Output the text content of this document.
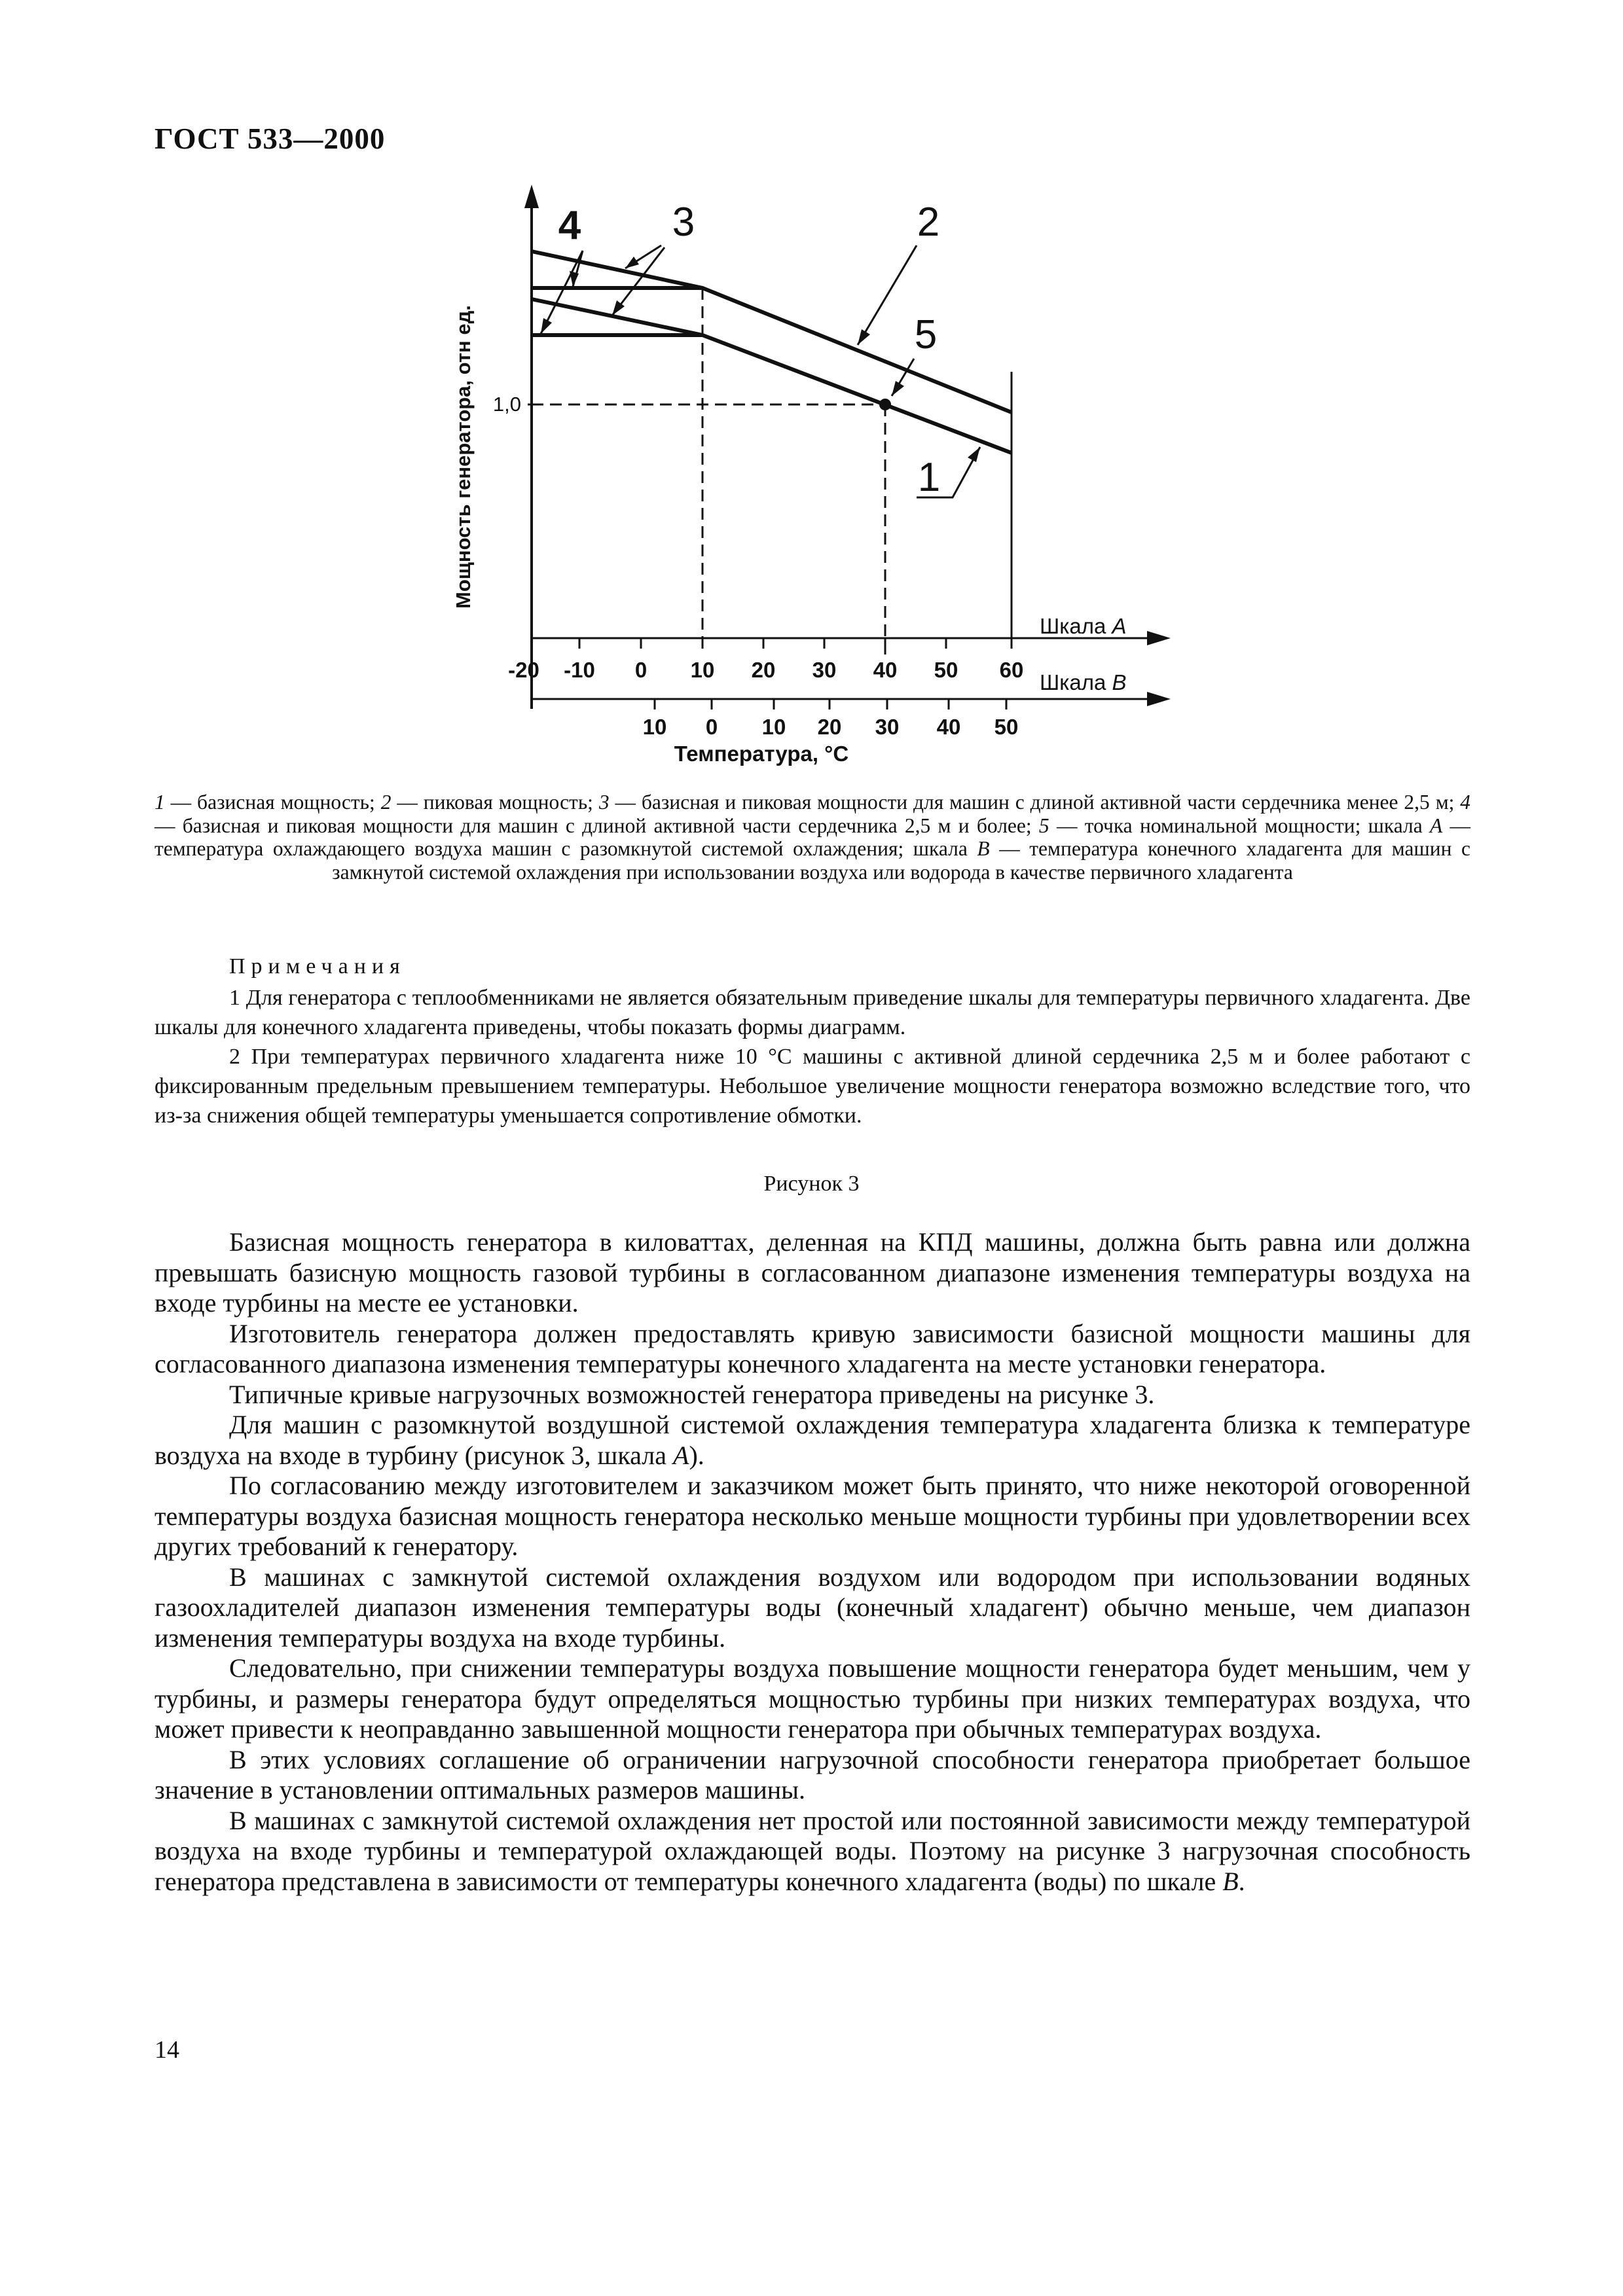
ГОСТ 533—2000
Мощность генератора, отн ед. 1,0
Шкала А
-20 -10 0 10 20 30 40 50 60
Шкала В
10 0 10 20 30 40 50
Температура, °С
4 3	2
5
1
1 — базисная мощность; 2 — пиковая мощность; 3 — базисная и пиковая мощности для машин с длиной активной части сердечника менее 2,5 м; 4 — базисная и пиковая мощности для машин с длиной активной части сердечника 2,5 м и более; 5 — точка номинальной мощности; шкала А — температура охлаждающего воздуха машин с разомкнутой системой охлаждения; шкала В — температура конечного хладагента для машин с замкнутой системой охлаждения при использовании воздуха или водорода в качестве первичного хладагента
Примечания

1 Для генератора с теплообменниками не является обязательным приведение шкалы для температуры первичного хладагента. Две шкалы для конечного хладагента приведены, чтобы показать формы диаграмм.

2 При температурах первичного хладагента ниже 10 °С машины с активной длиной сердечника 2,5 м и более работают с фиксированным предельным превышением температуры. Небольшое увеличение мощности генератора возможно вследствие того, что из-за снижения общей температуры уменьшается сопротивление обмотки.

Рисунок 3

Базисная мощность генератора в киловаттах, деленная на КПД машины, должна быть равна или должна превышать базисную мощность газовой турбины в согласованном диапазоне изменения температуры воздуха на входе турбины на месте ее установки.

Изготовитель генератора должен предоставлять кривую зависимости базисной мощности машины для согласованного диапазона изменения температуры конечного хладагента на месте установки генератора.

Типичные кривые нагрузочных возможностей генератора приведены на рисунке 3.

Для машин с разомкнутой воздушной системой охлаждения температура хладагента близка к температуре воздуха на входе в турбину (рисунок 3, шкала А).

По согласованию между изготовителем и заказчиком может быть принято, что ниже некоторой оговоренной температуры воздуха базисная мощность генератора несколько меньше мощности турбины при удовлетворении всех других требований к генератору.

В машинах с замкнутой системой охлаждения воздухом или водородом при использовании водяных газоохладителей диапазон изменения температуры воды (конечный хладагент) обычно меньше, чем диапазон изменения температуры воздуха на входе турбины.

Следовательно, при снижении температуры воздуха повышение мощности генератора будет меньшим, чем у турбины, и размеры генератора будут определяться мощностью турбины при низких температурах воздуха, что может привести к неоправданно завышенной мощности генератора при обычных температурах воздуха.

В этих условиях соглашение об ограничении нагрузочной способности генератора приобретает большое значение в установлении оптимальных размеров машины.

В машинах с замкнутой системой охлаждения нет простой или постоянной зависимости между температурой воздуха на входе турбины и температурой охлаждающей воды. Поэтому на рисунке 3 нагрузочная способность генератора представлена в зависимости от температуры конечного хладагента (воды) по шкале В.

14
